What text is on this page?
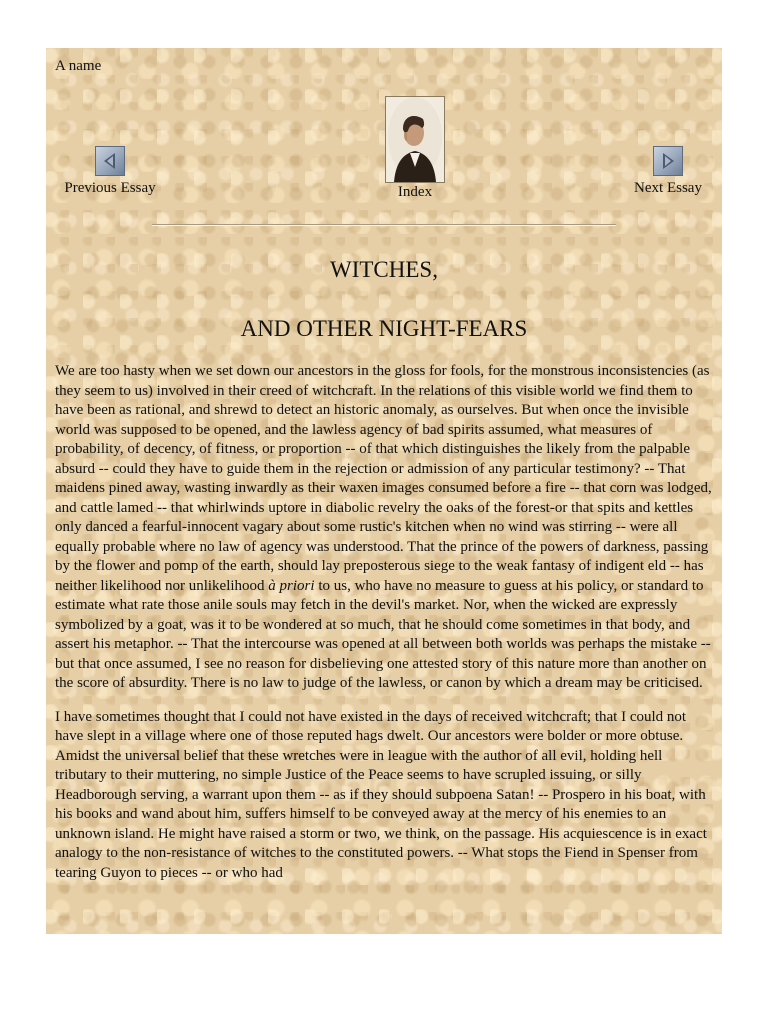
A name
Previous Essay	Index	Next Essay
WITCHES,
AND OTHER NIGHT-FEARS

We are too hasty when we set down our ancestors in the gloss for fools, for the monstrous inconsistencies (as they seem to us) involved in their creed of witchcraft. In the relations of this visible world we find them to have been as rational, and shrewd to detect an historic anomaly, as ourselves. But when once the invisible world was supposed to be opened, and the lawless agency of bad spirits assumed, what measures of probability, of decency, of fitness, or proportion -- of that which distinguishes the likely from the palpable absurd -- could they have to guide them in the rejection or admission of any particular testimony? -- That maidens pined away, wasting inwardly as their waxen images consumed before a fire -- that corn was lodged, and cattle lamed -- that whirlwinds uptore in diabolic revelry the oaks of the forest-or that spits and kettles only danced a fearful-innocent vagary about some rustic's kitchen when no wind was stirring -- were all equally probable where no law of agency was understood. That the prince of the powers of darkness, passing by the flower and pomp of the earth, should lay preposterous siege to the weak fantasy of indigent eld -- has neither likelihood nor unlikelihood à priori to us, who have no measure to guess at his policy, or standard to estimate what rate those anile souls may fetch in the devil's market. Nor, when the wicked are expressly symbolized by a goat, was it to be wondered at so much, that he should come sometimes in that body, and assert his metaphor. -- That the intercourse was opened at all between both worlds was perhaps the mistake -- but that once assumed, I see no reason for disbelieving one attested story of this nature more than another on the score of absurdity. There is no law to judge of the lawless, or canon by which a dream may be criticised.

I have sometimes thought that I could not have existed in the days of received witchcraft; that I could not have slept in a village where one of those reputed hags dwelt. Our ancestors were bolder or more obtuse. Amidst the universal belief that these wretches were in league with the author of all evil, holding hell tributary to their muttering, no simple Justice of the Peace seems to have scrupled issuing, or silly Headborough serving, a warrant upon them -- as if they should subpoena Satan! -- Prospero in his boat, with his books and wand about him, suffers himself to be conveyed away at the mercy of his enemies to an unknown island. He might have raised a storm or two, we think, on the passage. His acquiescence is in exact analogy to the non-resistance of witches to the constituted powers. -- What stops the Fiend in Spenser from tearing Guyon to pieces -- or who had
